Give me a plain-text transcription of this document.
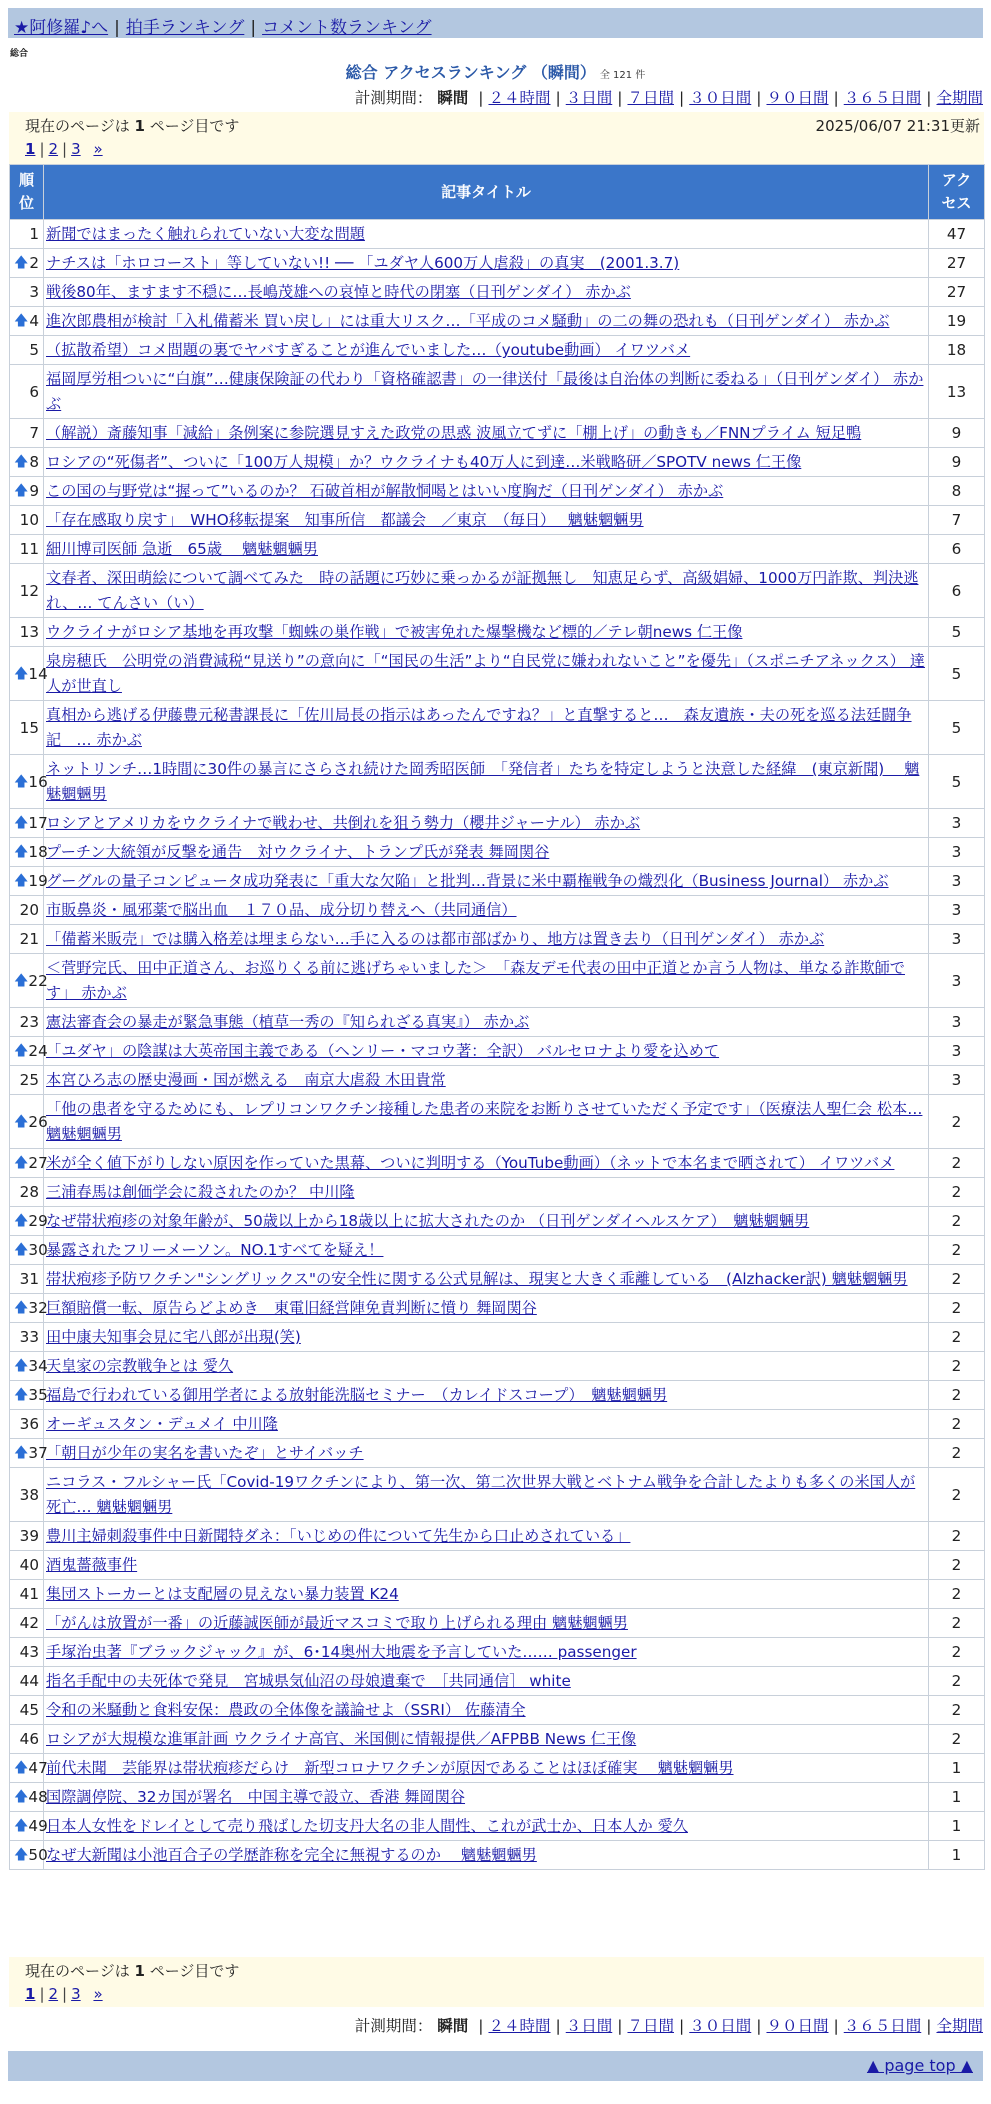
★阿修羅♪へ | 拍手ランキング | コメント数ランキング
総合
総合 アクセスランキング （瞬間） 全 121 件
計測期間： 瞬間 | ２４時間 | ３日間 | ７日間 | ３０日間 | ９０日間 | ３６５日間 | 全期間
現在のページは 1 ページ目です	2025/06/07 21:31更新
1 | 2 | 3 »
順位	記事タイトル	アクセス
1	新聞ではまったく触れられていない大変な問題	47

🡅 2	ナチスは「ホロコースト」等していない!! ── 「ユダヤ人600万人虐殺」の真実　(2001.3.7)	27
3	戦後80年、ますます不穏に…長嶋茂雄への哀悼と時代の閉塞（日刊ゲンダイ） 赤かぶ	27

🡅 4	進次郎農相が検討「入札備蓄米 買い戻し」には重大リスク…「平成のコメ騒動」の二の舞の恐れも（日刊ゲンダイ） 赤かぶ	19
5	（拡散希望）コメ問題の裏でヤバすぎることが進んでいました…（youtube動画） イワツバメ	18
6	福岡厚労相ついに“白旗”…健康保険証の代わり「資格確認書」の一律送付「最後は自治体の判断に委ねる」（日刊ゲンダイ） 赤かぶ	13
7	（解説）斎藤知事「減給」条例案に参院選見すえた政党の思惑 波風立てずに「棚上げ」の動きも／FNNプライム 短足鴨	9

🡅 8	ロシアの“死傷者”、ついに「100万人規模」か？ウクライナも40万人に到達…米戦略研／SPOTV news 仁王像	9

🡅 9	この国の与野党は“握って”いるのか？ 石破首相が解散恫喝とはいい度胸だ（日刊ゲンダイ） 赤かぶ	8
10	「存在感取り戻す」　WHO移転提案　知事所信　都議会　／東京　（毎日）　 魑魅魍魎男	7
11	細川博司医師 急逝　65歳　 魑魅魍魎男	6
12	文春者、深田萌絵について調べてみた　時の話題に巧妙に乗っかるが証拠無し　知恵足らず、高級娼婦、1000万円詐欺、判決逃れ、… てんさい（い）	6
13	ウクライナがロシア基地を再攻撃「蜘蛛の巣作戦」で被害免れた爆撃機など標的／テレ朝news 仁王像	5

🡅 14	泉房穂氏　公明党の消費減税“見送り”の意向に「“国民の生活”より“自民党に嫌われないこと”を優先」（スポニチアネックス） 達人が世直し	5
15	真相から逃げる伊藤豊元秘書課長に「佐川局長の指示はあったんですね？」と直撃すると…　森友遺族・夫の死を巡る法廷闘争記　… 赤かぶ	5

🡅 16	ネットリンチ…1時間に30件の暴言にさらされ続けた岡秀昭医師　「発信者」たちを特定しようと決意した経緯　(東京新聞)　 魑魅魍魎男	5

🡅 17	ロシアとアメリカをウクライナで戦わせ、共倒れを狙う勢力（櫻井ジャーナル） 赤かぶ	3

🡅 18	プーチン大統領が反撃を通告　対ウクライナ、トランプ氏が発表 舞岡関谷	3

🡅 19	グーグルの量子コンピュータ成功発表に「重大な欠陥」と批判…背景に米中覇権戦争の熾烈化（Business Journal） 赤かぶ	3
20	市販鼻炎・風邪薬で脳出血　１７０品、成分切り替えへ（共同通信）	3
21	「備蓄米販売」では購入格差は埋まらない…手に入るのは都市部ばかり、地方は置き去り（日刊ゲンダイ） 赤かぶ	3

🡅 22	＜菅野完氏、田中正道さん、お巡りくる前に逃げちゃいました＞　「森友デモ代表の田中正道とか言う人物は、単なる詐欺師です」 赤かぶ	3
23	憲法審査会の暴走が緊急事態（植草一秀の『知られざる真実』） 赤かぶ	3

🡅 24	「ユダヤ」の陰謀は大英帝国主義である（ヘンリー・マコウ著：全訳） バルセロナより愛を込めて	3
25	本宮ひろ志の歴史漫画・国が燃える　南京大虐殺 木田貴常	3

🡅 26	「他の患者を守るためにも、レプリコンワクチン接種した患者の来院をお断りさせていただく予定です」（医療法人聖仁会 松本… 魑魅魍魎男	2

🡅 27	米が全く値下がりしない原因を作っていた黒幕、ついに判明する（YouTube動画）（ネットで本名まで晒されて） イワツバメ	2
28	三浦春馬は創価学会に殺されたのか？ 中川隆	2

🡅 29	なぜ帯状疱疹の対象年齢が、50歳以上から18歳以上に拡大されたのか （日刊ゲンダイヘルスケア）　魑魅魍魎男	2

🡅 30	暴露されたフリーメーソン。NO.1すべてを疑え！	2
31	帯状疱疹予防ワクチン"シングリックス"の安全性に関する公式見解は、現実と大きく乖離している　(Alzhacker訳) 魑魅魍魎男	2

🡅 32	巨額賠償一転、原告らどよめき　東電旧経営陣免責判断に憤り 舞岡関谷	2
33	田中康夫知事会見に宅八郎が出現(笑)	2

🡅 34	天皇家の宗教戦争とは 愛久	2

🡅 35	福島で行われている御用学者による放射能洗脳セミナー　（カレイドスコープ）　魑魅魍魎男	2
36	オーギュスタン・デュメイ 中川隆	2

🡅 37	「朝日が少年の実名を書いたぞ」とサイバッチ	2
38	ニコラス・フルシャー氏「Covid-19ワクチンにより、第一次、第二次世界大戦とベトナム戦争を合計したよりも多くの米国人が死亡… 魑魅魍魎男	2
39	豊川主婦刺殺事件中日新聞特ダネ：「いじめの件について先生から口止めされている」	2
40	酒鬼薔薇事件	2
41	集団ストーカーとは支配層の見えない暴力装置 K24	2
42	「がんは放置が一番」の近藤誠医師が最近マスコミで取り上げられる理由 魑魅魍魎男	2
43	手塚治虫著『ブラックジャック』が、6･14奥州大地震を予言していた…… passenger	2
44	指名手配中の夫死体で発見　宮城県気仙沼の母娘遺棄で　［共同通信］ white	2
45	令和の米騒動と食料安保：農政の全体像を議論せよ（SSRI） 佐藤清全	2
46	ロシアが大規模な進軍計画 ウクライナ高官、米国側に情報提供／AFPBB News 仁王像	2

🡅 47	前代未聞　芸能界は帯状疱疹だらけ　新型コロナワクチンが原因であることはほぼ確実　 魑魅魍魎男	1

🡅 48	国際調停院、32カ国が署名　中国主導で設立、香港 舞岡関谷	1

🡅 49	日本人女性をドレイとして売り飛ばした切支丹大名の非人間性、これが武士か、日本人か 愛久	1

🡅 50	なぜ大新聞は小池百合子の学歴詐称を完全に無視するのか　 魑魅魍魎男	1
現在のページは 1 ページ目です
1 | 2 | 3 »
計測期間： 瞬間 | ２４時間 | ３日間 | ７日間 | ３０日間 | ９０日間 | ３６５日間 | 全期間
▲ page top ▲
